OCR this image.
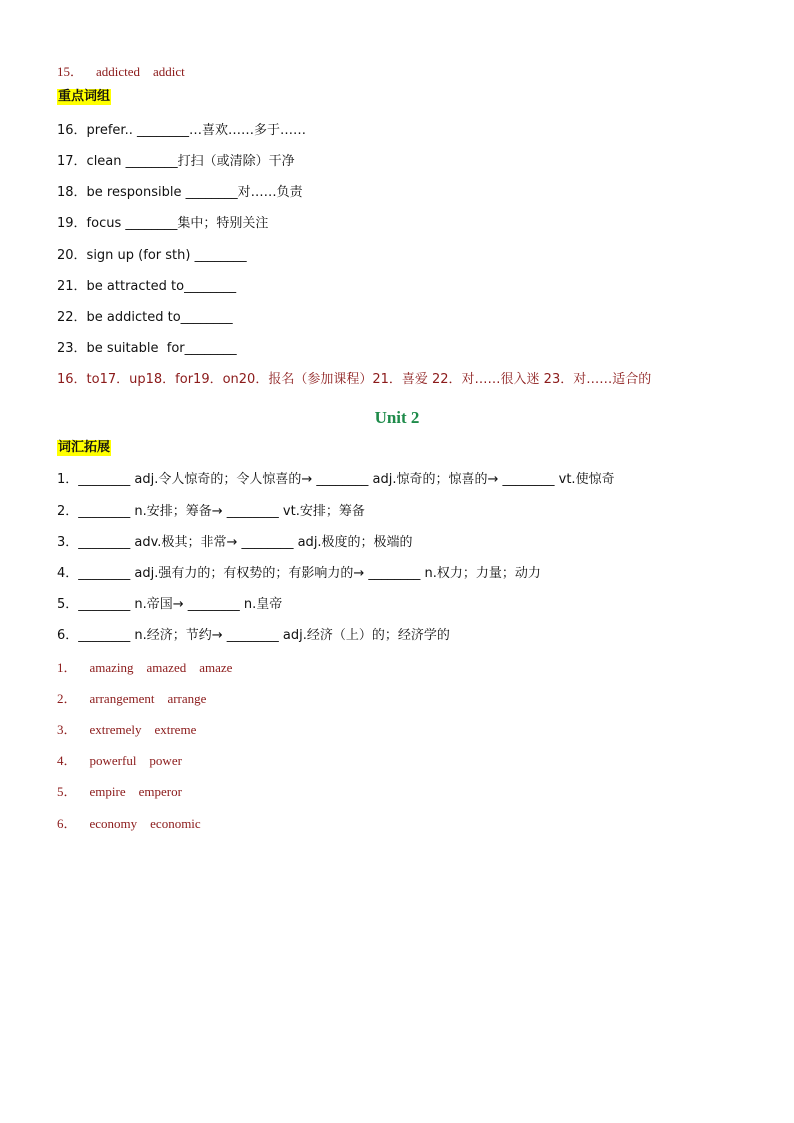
15．    addicted    addict
重点词组
16．prefer.. ________…喜欢……多于……
17．clean ________打扫（或清除）干净
18．be responsible ________对……负责
19．focus ________集中；特别关注
20．sign up (for sth) ________
21．be attracted to________
22．be addicted to________
23．be suitable  for________
16．to17．up18．for19．on20．报名（参加课程）21．喜爱 22．对……很入迷 23．对……适合的
Unit 2
词汇拓展
1．________ adj.令人惊奇的；令人惊喜的→ ________ adj.惊奇的；惊喜的→ ________ vt.使惊奇
2．________ n.安排；筹备→ ________ vt.安排；筹备
3．________ adv.极其；非常→ ________ adj.极度的；极端的
4．________ adj.强有力的；有权势的；有影响力的→ ________ n.权力；力量；动力
5．________ n.帝国→ ________ n.皇帝
6．________ n.经济；节约→ ________ adj.经济（上）的；经济学的
1．    amazing    amazed    amaze
2．    arrangement    arrange
3．    extremely    extreme
4．    powerful    power
5．    empire    emperor
6．    economy    economic
